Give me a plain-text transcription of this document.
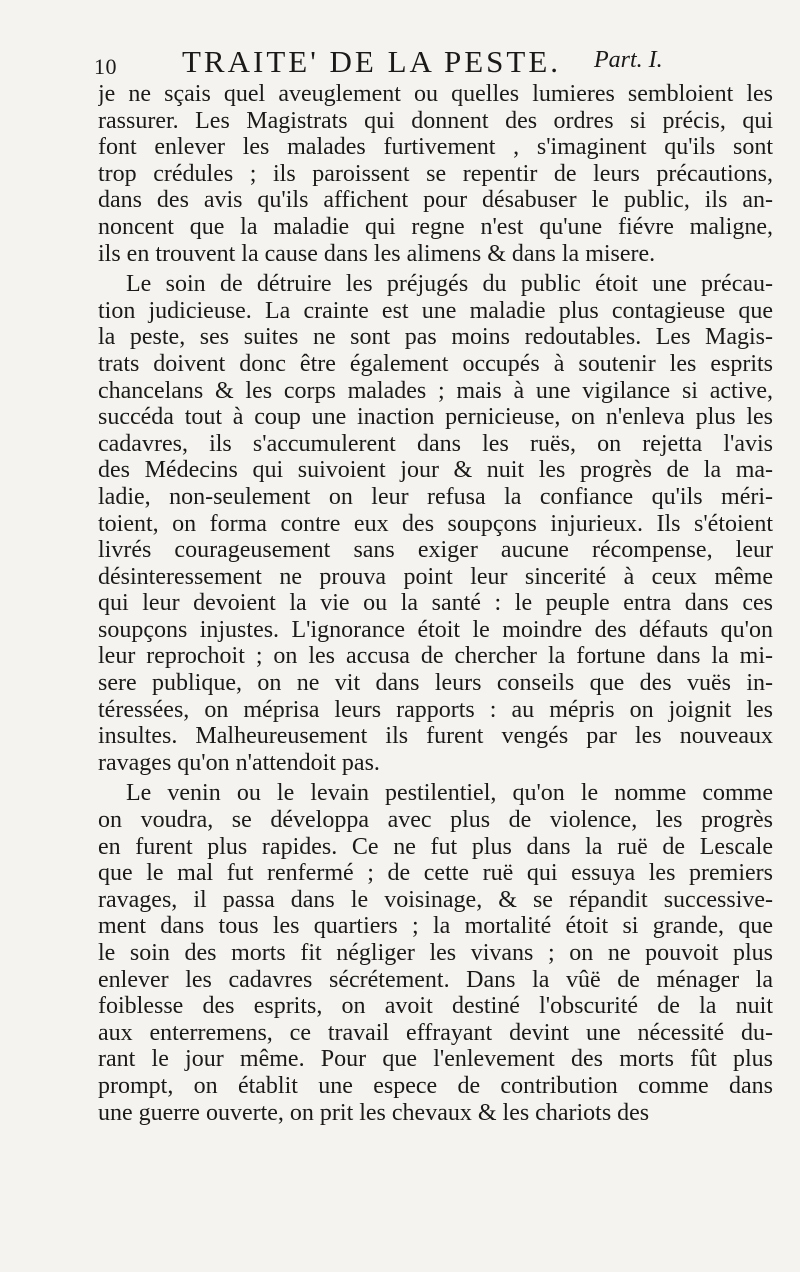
10 TRAITE' DE LA PESTE. Part. I.
je ne sçais quel aveuglement ou quelles lumieres sembloient les
rassurer. Les Magistrats qui donnent des ordres si précis, qui
font enlever les malades furtivement , s'imaginent qu'ils sont
trop crédules ; ils paroissent se repentir de leurs précautions,
dans des avis qu'ils affichent pour désabuser le public, ils an-
noncent que la maladie qui regne n'est qu'une fiévre maligne,
ils en trouvent la cause dans les alimens & dans la misere.
Le soin de détruire les préjugés du public étoit une précau-
tion judicieuse. La crainte est une maladie plus contagieuse que
la peste, ses suites ne sont pas moins redoutables. Les Magis-
trats doivent donc être également occupés à soutenir les esprits
chancelans & les corps malades ; mais à une vigilance si active,
succéda tout à coup une inaction pernicieuse, on n'enleva plus les
cadavres, ils s'accumulerent dans les ruës, on rejetta l'avis
des Médecins qui suivoient jour & nuit les progrès de la ma-
ladie, non-seulement on leur refusa la confiance qu'ils méri-
toient, on forma contre eux des soupçons injurieux. Ils s'étoient
livrés courageusement sans exiger aucune récompense, leur
désinteressement ne prouva point leur sincerité à ceux même
qui leur devoient la vie ou la santé : le peuple entra dans ces
soupçons injustes. L'ignorance étoit le moindre des défauts qu'on
leur reprochoit ; on les accusa de chercher la fortune dans la mi-
sere publique, on ne vit dans leurs conseils que des vuës in-
téressées, on méprisa leurs rapports : au mépris on joignit les
insultes. Malheureusement ils furent vengés par les nouveaux
ravages qu'on n'attendoit pas.
Le venin ou le levain pestilentiel, qu'on le nomme comme
on voudra, se développa avec plus de violence, les progrès
en furent plus rapides. Ce ne fut plus dans la ruë de Lescale
que le mal fut renfermé ; de cette ruë qui essuya les premiers
ravages, il passa dans le voisinage, & se répandit successive-
ment dans tous les quartiers ; la mortalité étoit si grande, que
le soin des morts fit négliger les vivans ; on ne pouvoit plus
enlever les cadavres sécrétement. Dans la vûë de ménager la
foiblesse des esprits, on avoit destiné l'obscurité de la nuit
aux enterremens, ce travail effrayant devint une nécessité du-
rant le jour même. Pour que l'enlevement des morts fût plus
prompt, on établit une espece de contribution comme dans
une guerre ouverte, on prit les chevaux & les chariots des
